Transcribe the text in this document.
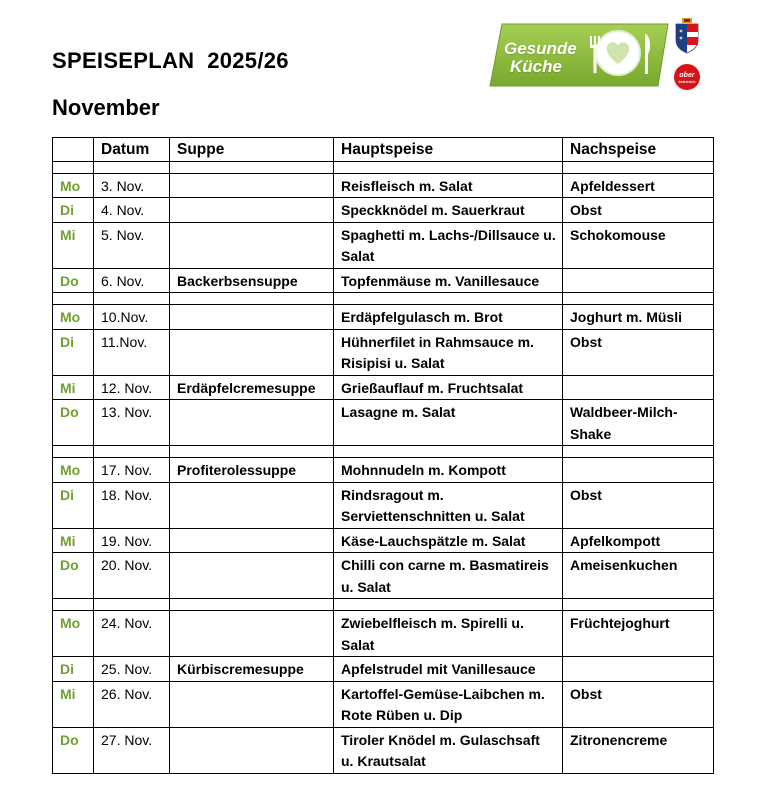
SPEISEPLAN  2025/26
November
Gesunde
Küche	ober
österreich
	Datum	Suppe	Hauptspeise	Nachspeise

Mo	3. Nov.		Reisfleisch m. Salat	Apfeldessert
Di	4. Nov.		Speckknödel m. Sauerkraut	Obst
Mi	5. Nov.		Spaghetti m. Lachs-/Dillsauce u. Salat	Schokomouse
Do	6. Nov.	Backerbsensuppe	Topfenmäuse m. Vanillesauce	

Mo	10.Nov.		Erdäpfelgulasch m. Brot	Joghurt m. Müsli
Di	11.Nov.		Hühnerfilet in Rahmsauce m. Risipisi u. Salat	Obst
Mi	12. Nov.	Erdäpfelcremesuppe	Grießauflauf m. Fruchtsalat	
Do	13. Nov.		Lasagne m. Salat	Waldbeer-Milch-Shake

Mo	17. Nov.	Profiterolessuppe	Mohnnudeln m. Kompott	
Di	18. Nov.		Rindsragout m. Serviettenschnitten u. Salat	Obst
Mi	19. Nov.		Käse-Lauchspätzle m. Salat	Apfelkompott
Do	20. Nov.		Chilli con carne m. Basmatireis u. Salat	Ameisenkuchen

Mo	24. Nov.		Zwiebelfleisch m. Spirelli u. Salat	Früchtejoghurt
Di	25. Nov.	Kürbiscremesuppe	Apfelstrudel mit Vanillesauce	
Mi	26. Nov.		Kartoffel-Gemüse-Laibchen m. Rote Rüben u. Dip	Obst
Do	27. Nov.		Tiroler Knödel m. Gulaschsaft u. Krautsalat	Zitronencreme
